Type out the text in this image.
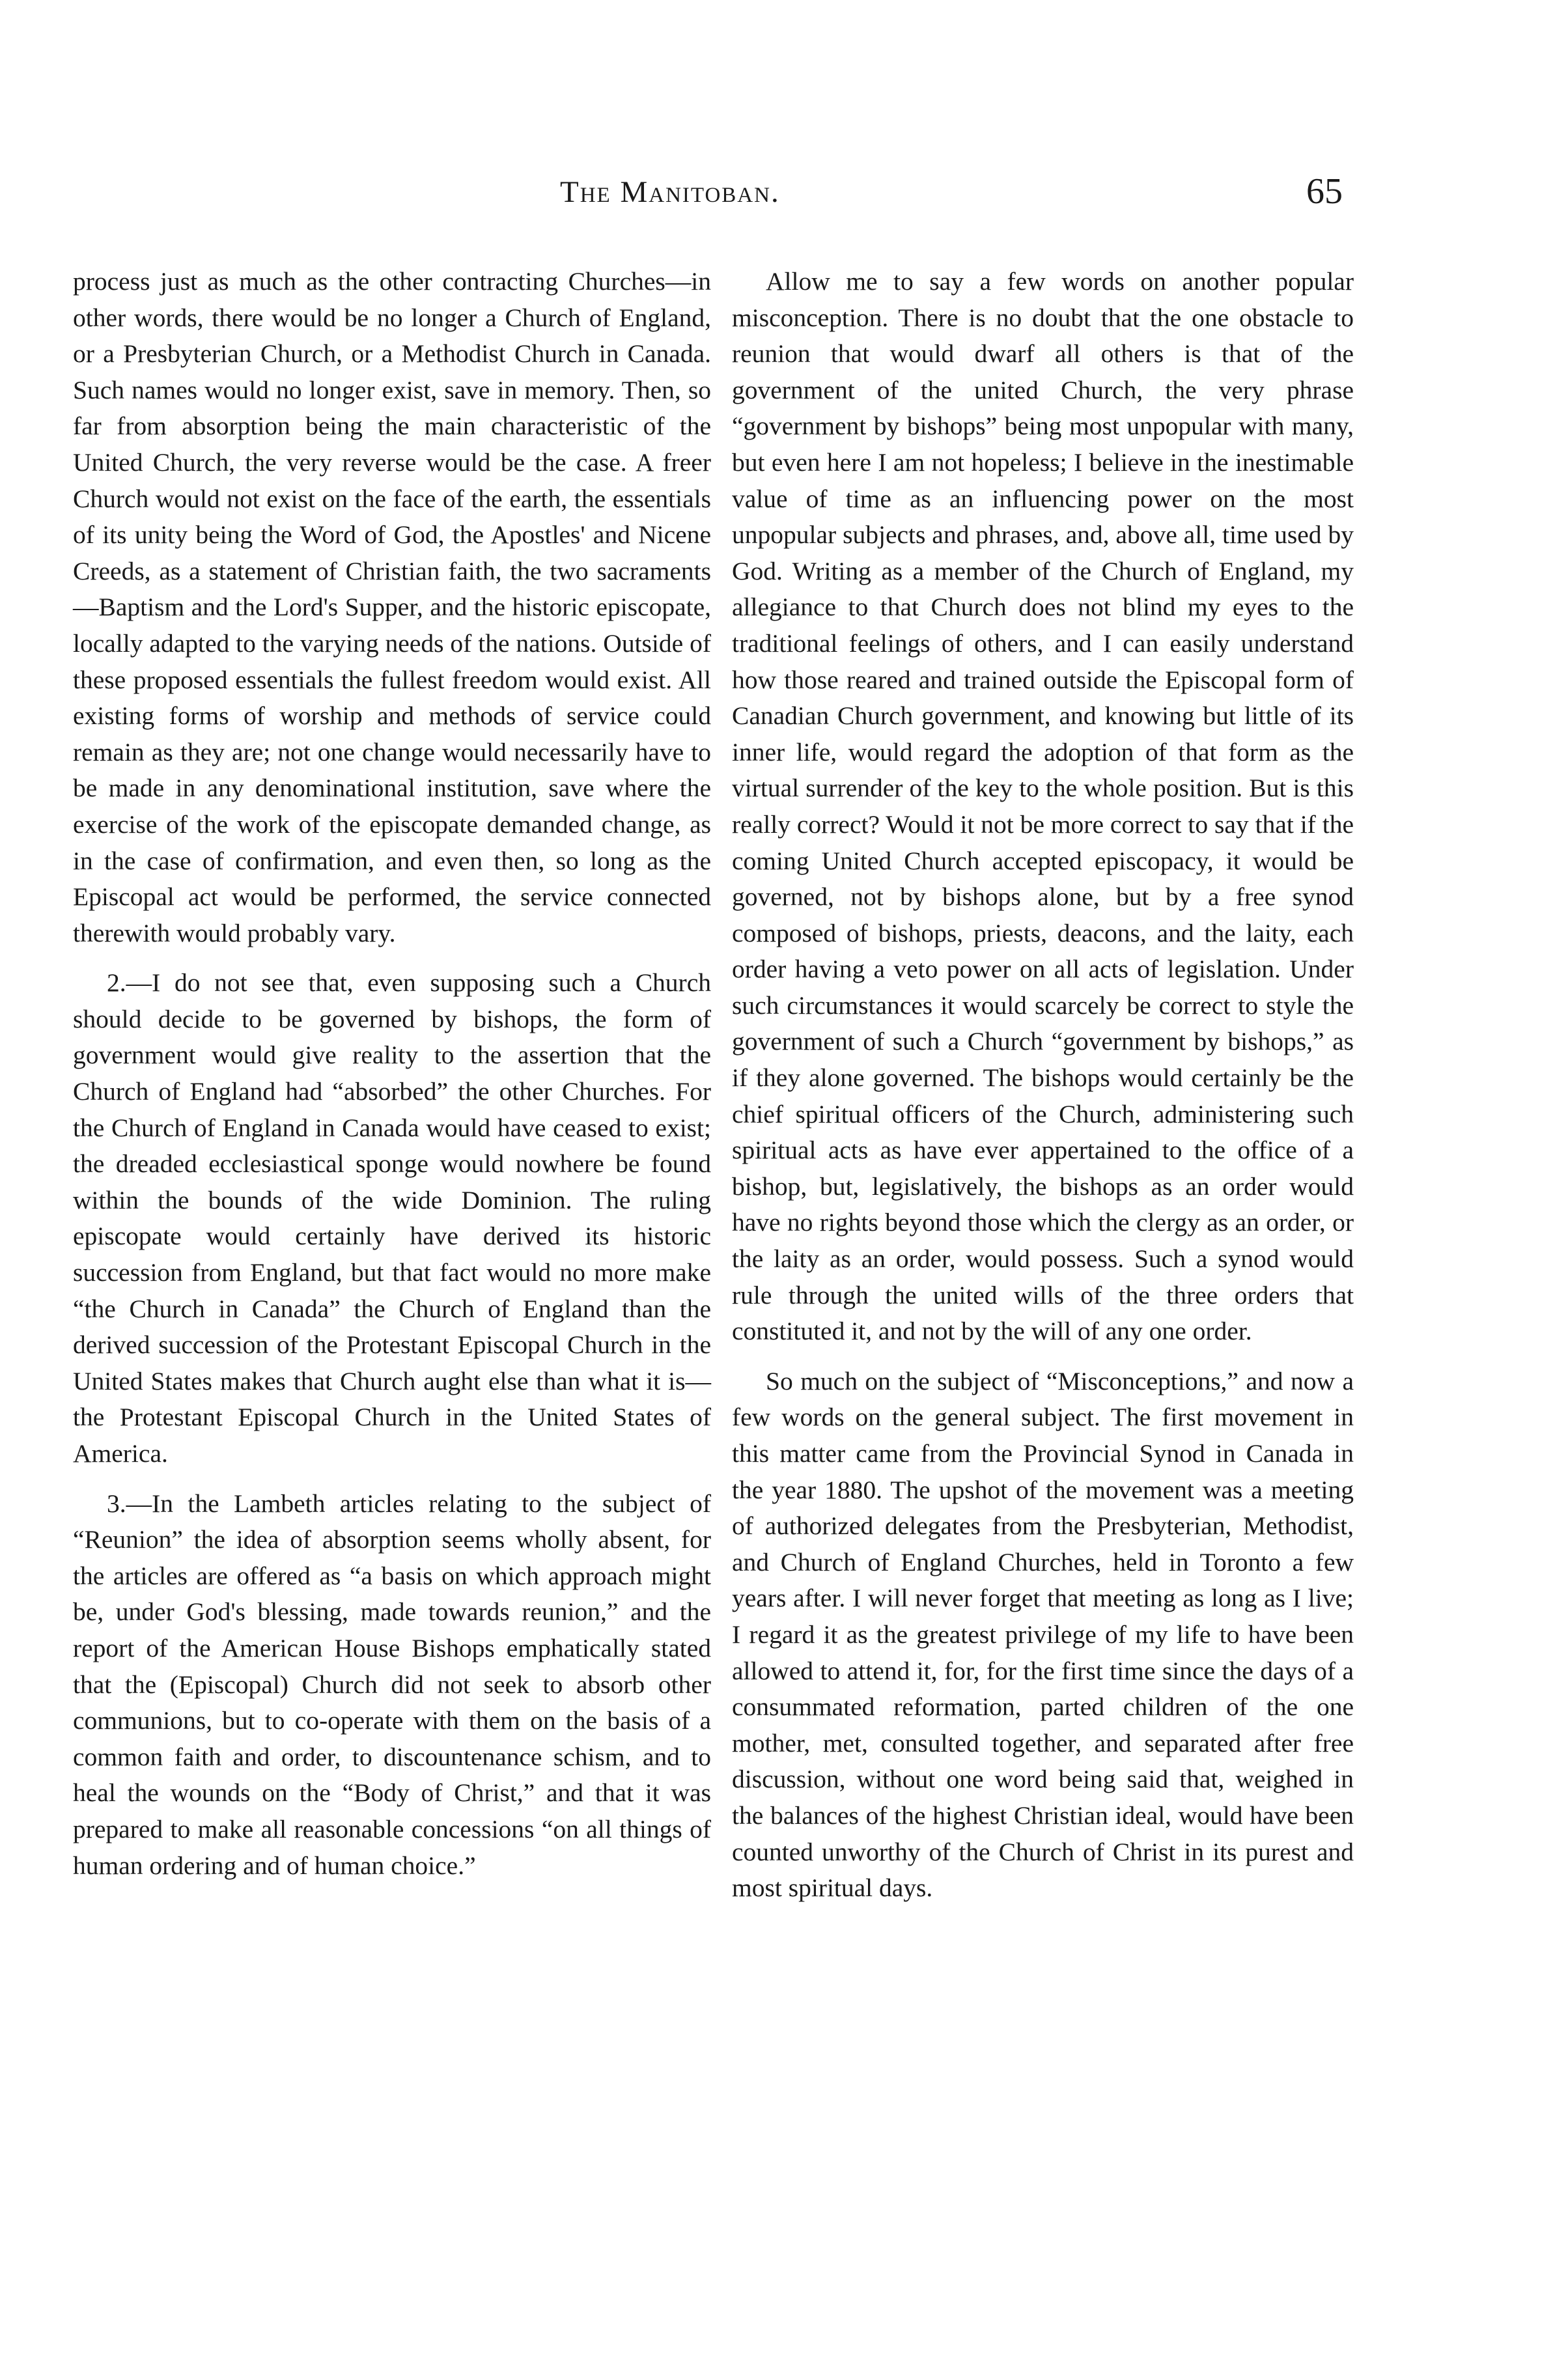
The Manitoban.	65

process just as much as the other contracting Churches—in other words, there would be no longer a Church of England, or a Presbyterian Church, or a Methodist Church in Canada. Such names would no longer exist, save in memory. Then, so far from absorption being the main characteristic of the United Church, the very reverse would be the case. A freer Church would not exist on the face of the earth, the essentials of its unity being the Word of God, the Apostles' and Nicene Creeds, as a statement of Christian faith, the two sacraments—Baptism and the Lord's Supper, and the historic episcopate, locally adapted to the varying needs of the nations. Outside of these proposed essentials the fullest freedom would exist. All existing forms of worship and methods of service could remain as they are; not one change would necessarily have to be made in any denominational institution, save where the exercise of the work of the episcopate demanded change, as in the case of confirmation, and even then, so long as the Episcopal act would be performed, the service connected therewith would probably vary.

2.—I do not see that, even supposing such a Church should decide to be governed by bishops, the form of government would give reality to the assertion that the Church of England had “absorbed” the other Churches. For the Church of England in Canada would have ceased to exist; the dreaded ecclesiastical sponge would nowhere be found within the bounds of the wide Dominion. The ruling episcopate would certainly have derived its historic succession from England, but that fact would no more make “the Church in Canada” the Church of England than the derived succession of the Protestant Episcopal Church in the United States makes that Church aught else than what it is—the Protestant Episcopal Church in the United States of America.

3.—In the Lambeth articles relating to the subject of “Reunion” the idea of absorption seems wholly absent, for the articles are offered as “a basis on which approach might be, under God's blessing, made towards reunion,” and the report of the American House Bishops emphatically stated that the (Episcopal) Church did not seek to absorb other communions, but to co-operate with them on the basis of a common faith and order, to discountenance schism, and to heal the wounds on the “Body of Christ,” and that it was prepared to make all reasonable concessions “on all things of human ordering and of human choice.”

Allow me to say a few words on another popular misconception. There is no doubt that the one obstacle to reunion that would dwarf all others is that of the government of the united Church, the very phrase “government by bishops” being most unpopular with many, but even here I am not hopeless; I believe in the inestimable value of time as an influencing power on the most unpopular subjects and phrases, and, above all, time used by God. Writing as a member of the Church of England, my allegiance to that Church does not blind my eyes to the traditional feelings of others, and I can easily understand how those reared and trained outside the Episcopal form of Canadian Church government, and knowing but little of its inner life, would regard the adoption of that form as the virtual surrender of the key to the whole position. But is this really correct? Would it not be more correct to say that if the coming United Church accepted episcopacy, it would be governed, not by bishops alone, but by a free synod composed of bishops, priests, deacons, and the laity, each order having a veto power on all acts of legislation. Under such circumstances it would scarcely be correct to style the government of such a Church “government by bishops,” as if they alone governed. The bishops would certainly be the chief spiritual officers of the Church, administering such spiritual acts as have ever appertained to the office of a bishop, but, legislatively, the bishops as an order would have no rights beyond those which the clergy as an order, or the laity as an order, would possess. Such a synod would rule through the united wills of the three orders that constituted it, and not by the will of any one order.

So much on the subject of “Misconceptions,” and now a few words on the general subject. The first movement in this matter came from the Provincial Synod in Canada in the year 1880. The upshot of the movement was a meeting of authorized delegates from the Presbyterian, Methodist, and Church of England Churches, held in Toronto a few years after. I will never forget that meeting as long as I live; I regard it as the greatest privilege of my life to have been allowed to attend it, for, for the first time since the days of a consummated reformation, parted children of the one mother, met, consulted together, and separated after free discussion, without one word being said that, weighed in the balances of the highest Christian ideal, would have been counted unworthy of the Church of Christ in its purest and most spiritual days.
